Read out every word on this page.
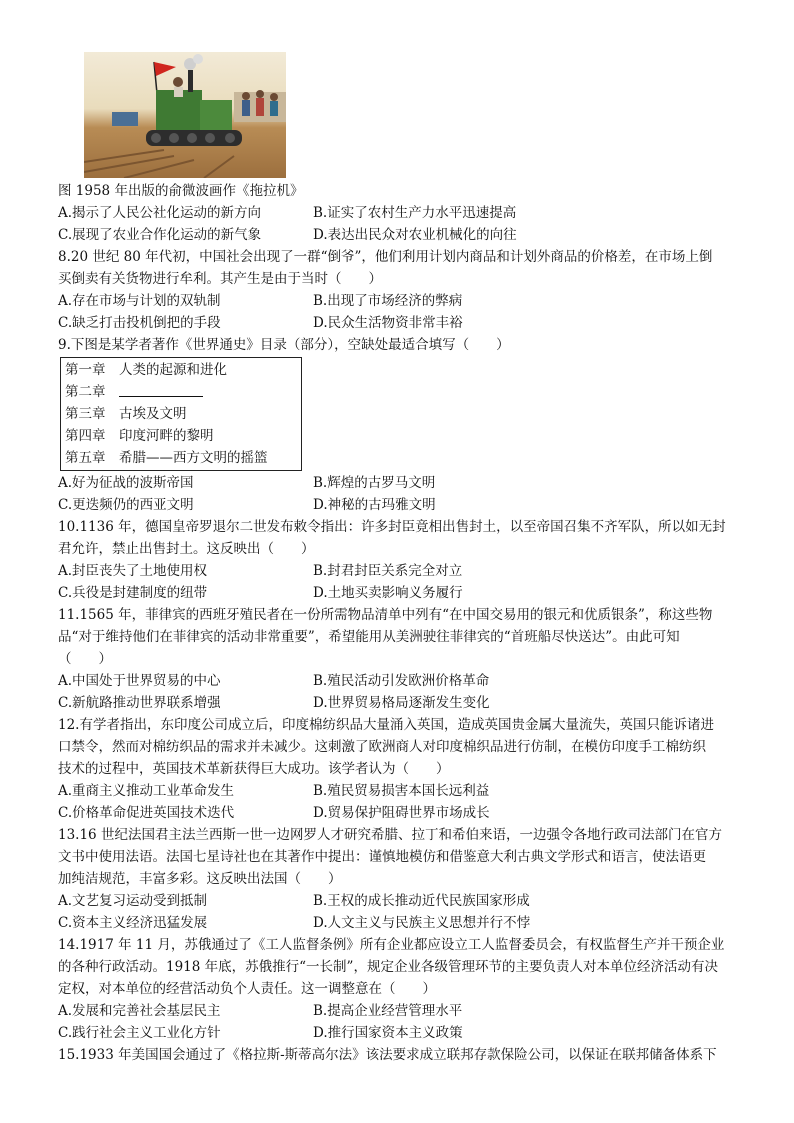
图 1958 年出版的俞微波画作《拖拉机》
A.揭示了人民公社化运动的新方向	B.证实了农村生产力水平迅速提高
C.展现了农业合作化运动的新气象	D.表达出民众对农业机械化的向往
8.20 世纪 80 年代初，中国社会出现了一群“倒爷”，他们利用计划内商品和计划外商品的价格差，在市场上倒
买倒卖有关货物进行牟利。其产生是由于当时（　　）
A.存在市场与计划的双轨制	B.出现了市场经济的弊病
C.缺乏打击投机倒把的手段	D.民众生活物资非常丰裕
9.下图是某学者著作《世界通史》目录（部分），空缺处最适合填写（　　）
第一章　人类的起源和进化
第二章　
第三章　古埃及文明
第四章　印度河畔的黎明
第五章　希腊——西方文明的摇篮
A.好为征战的波斯帝国	B.辉煌的古罗马文明
C.更迭频仍的西亚文明	D.神秘的古玛雅文明
10.1136 年，德国皇帝罗退尔二世发布敕令指出：许多封臣竟相出售封土，以至帝国召集不齐军队，所以如无封
君允许，禁止出售封土。这反映出（　　）
A.封臣丧失了土地使用权	B.封君封臣关系完全对立
C.兵役是封建制度的纽带	D.土地买卖影响义务履行
11.1565 年，菲律宾的西班牙殖民者在一份所需物品清单中列有“在中国交易用的银元和优质银条”，称这些物
品“对于维持他们在菲律宾的活动非常重要”，希望能用从美洲驶往菲律宾的“首班船尽快送达”。由此可知
（　　）
A.中国处于世界贸易的中心	B.殖民活动引发欧洲价格革命
C.新航路推动世界联系增强	D.世界贸易格局逐渐发生变化
12.有学者指出，东印度公司成立后，印度棉纺织品大量涌入英国，造成英国贵金属大量流失，英国只能诉诸进
口禁令，然而对棉纺织品的需求并未减少。这刺激了欧洲商人对印度棉织品进行仿制，在模仿印度手工棉纺织
技术的过程中，英国技术革新获得巨大成功。该学者认为（　　）
A.重商主义推动工业革命发生	B.殖民贸易损害本国长远利益
C.价格革命促进英国技术迭代	D.贸易保护阻碍世界市场成长
13.16 世纪法国君主法兰西斯一世一边网罗人才研究希腊、拉丁和希伯来语，一边强令各地行政司法部门在官方
文书中使用法语。法国七星诗社也在其著作中提出：谨慎地模仿和借鉴意大利古典文学形式和语言，使法语更
加纯洁规范，丰富多彩。这反映出法国（　　）
A.文艺复习运动受到抵制	B.王权的成长推动近代民族国家形成
C.资本主义经济迅猛发展	D.人文主义与民族主义思想并行不悖
14.1917 年 11 月，苏俄通过了《工人监督条例》所有企业都应设立工人监督委员会，有权监督生产并干预企业
的各种行政活动。1918 年底，苏俄推行“一长制”，规定企业各级管理环节的主要负责人对本单位经济活动有决
定权，对本单位的经营活动负个人责任。这一调整意在（　　）
A.发展和完善社会基层民主	B.提高企业经营管理水平
C.践行社会主义工业化方针	D.推行国家资本主义政策
15.1933 年美国国会通过了《格拉斯-斯蒂高尔法》该法要求成立联邦存款保险公司，以保证在联邦储备体系下
